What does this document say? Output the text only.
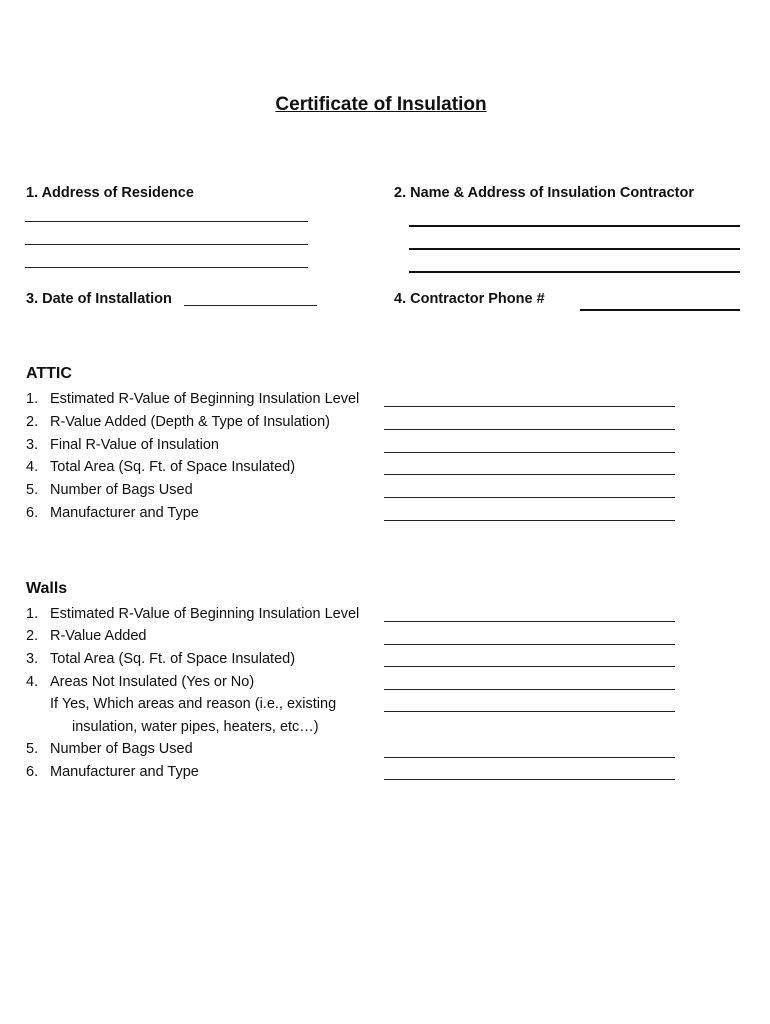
Certificate of Insulation
1. Address of Residence	2. Name & Address of Insulation Contractor
3. Date of Installation	4. Contractor Phone #
ATTIC
1. Estimated R-Value of Beginning Insulation Level
2. R-Value Added (Depth & Type of Insulation)
3. Final R-Value of Insulation
4. Total Area (Sq. Ft. of Space Insulated)
5. Number of Bags Used
6. Manufacturer and Type
Walls
1. Estimated R-Value of Beginning Insulation Level
2. R-Value Added
3. Total Area (Sq. Ft. of Space Insulated)
4. Areas Not Insulated (Yes or No)
If Yes, Which areas and reason (i.e., existing
insulation, water pipes, heaters, etc…)
5. Number of Bags Used
6. Manufacturer and Type
